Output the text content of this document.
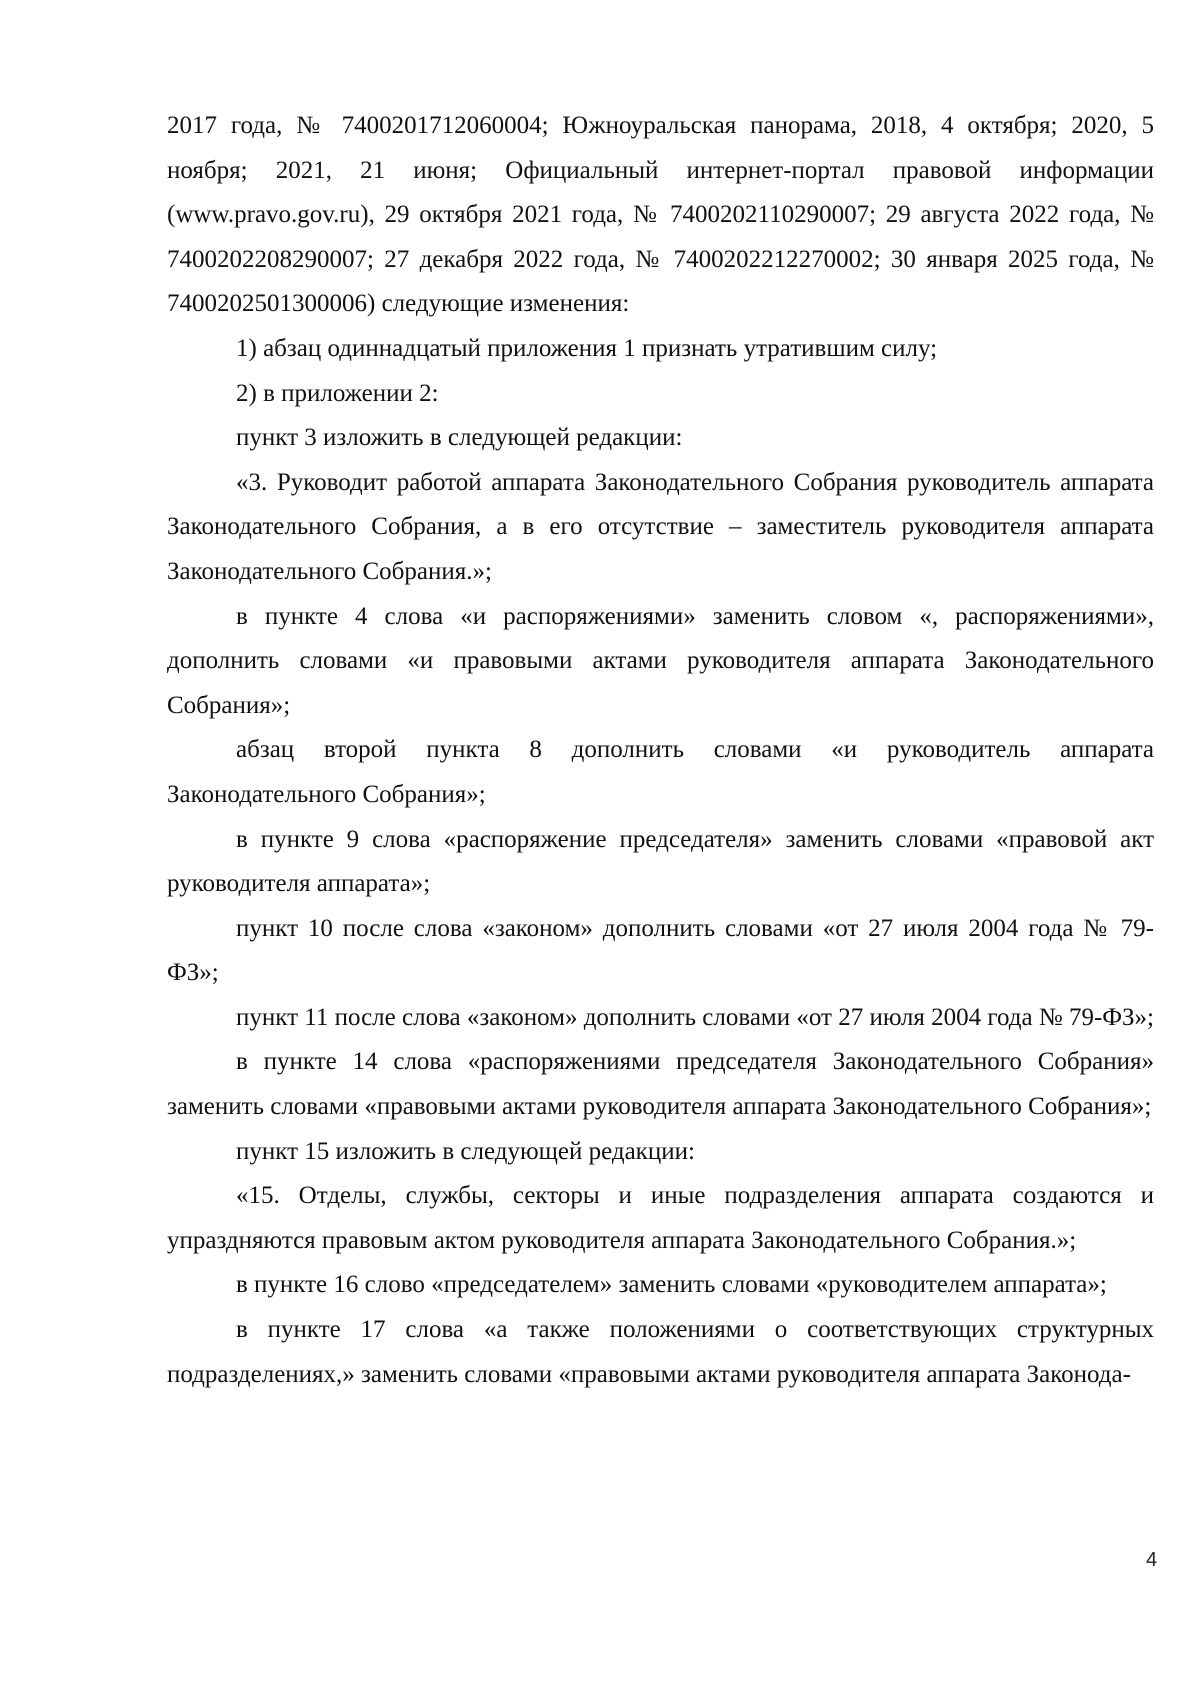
2017 года, № 7400201712060004; Южноуральская панорама, 2018, 4 октября; 2020, 5 ноября; 2021, 21 июня; Официальный интернет-портал правовой информации (www.pravo.gov.ru), 29 октября 2021 года, № 7400202110290007; 29 августа 2022 года, № 7400202208290007; 27 декабря 2022 года, № 7400202212270002; 30 января 2025 года, № 7400202501300006) следующие изменения:

1) абзац одиннадцатый приложения 1 признать утратившим силу;

2) в приложении 2:

пункт 3 изложить в следующей редакции:

«3. Руководит работой аппарата Законодательного Собрания руководитель аппарата Законодательного Собрания, а в его отсутствие – заместитель руководителя аппарата Законодательного Собрания.»;

в пункте 4 слова «и распоряжениями» заменить словом «, распоряжениями», дополнить словами «и правовыми актами руководителя аппарата Законодательного Собрания»;

абзац второй пункта 8 дополнить словами «и руководитель аппарата Законодательного Собрания»;

в пункте 9 слова «распоряжение председателя» заменить словами «правовой акт руководителя аппарата»;

пункт 10 после слова «законом» дополнить словами «от 27 июля 2004 года № 79-ФЗ»;

пункт 11 после слова «законом» дополнить словами «от 27 июля 2004 года № 79-ФЗ»;

в пункте 14 слова «распоряжениями председателя Законодательного Собрания» заменить словами «правовыми актами руководителя аппарата Законодательного Собрания»;

пункт 15 изложить в следующей редакции:

«15. Отделы, службы, секторы и иные подразделения аппарата создаются и упраздняются правовым актом руководителя аппарата Законодательного Собрания.»;

в пункте 16 слово «председателем» заменить словами «руководителем аппарата»;

в пункте 17 слова «а также положениями о соответствующих структурных подразделениях,» заменить словами «правовыми актами руководителя аппарата Законода-

4
